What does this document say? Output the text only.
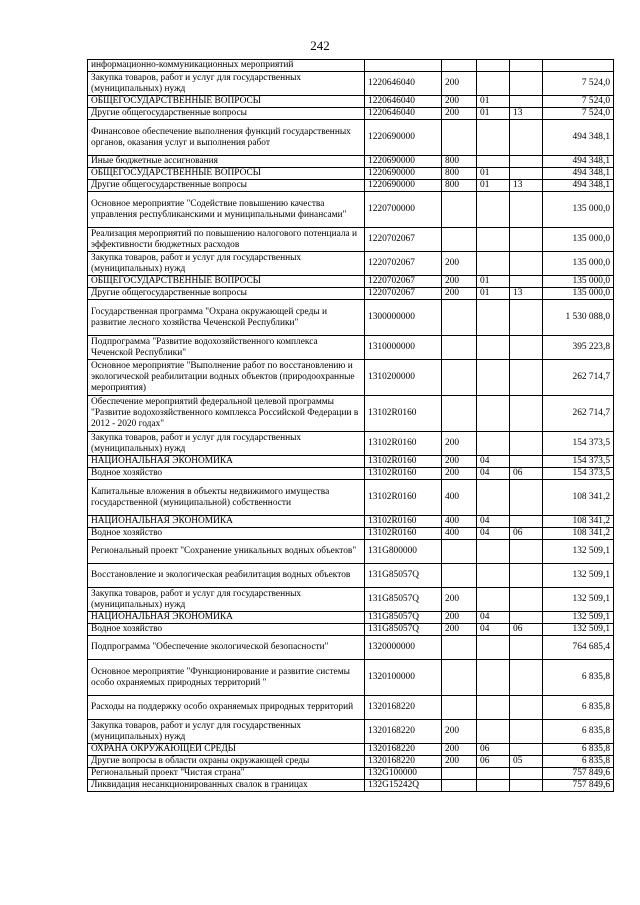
242
информационно-коммуникационных мероприятий					
Закупка товаров, работ и услуг для государственных (муниципальных) нужд	1220646040	200			7 524,0
ОБЩЕГОСУДАРСТВЕННЫЕ ВОПРОСЫ	1220646040	200	01		7 524,0
Другие общегосударственные вопросы	1220646040	200	01	13	7 524,0
Финансовое обеспечение выполнения функций государственных органов, оказания услуг и выполнения работ	1220690000				494 348,1
Иные бюджетные ассигнования	1220690000	800			494 348,1
ОБЩЕГОСУДАРСТВЕННЫЕ ВОПРОСЫ	1220690000	800	01		494 348,1
Другие общегосударственные вопросы	1220690000	800	01	13	494 348,1
Основное мероприятие "Содействие повышению качества управления республиканскими и муниципальными финансами"	1220700000				135 000,0
Реализация мероприятий по повышению налогового потенциала и эффективности бюджетных расходов	1220702067				135 000,0
Закупка товаров, работ и услуг для государственных (муниципальных) нужд	1220702067	200			135 000,0
ОБЩЕГОСУДАРСТВЕННЫЕ ВОПРОСЫ	1220702067	200	01		135 000,0
Другие общегосударственные вопросы	1220702067	200	01	13	135 000,0
Государственная программа "Охрана окружающей среды и развитие лесного хозяйства Чеченской Республики"	1300000000				1 530 088,0
Подпрограмма "Развитие водохозяйственного комплекса Чеченской Республики"	1310000000				395 223,8
Основное мероприятие "Выполнение работ по восстановлению и экологической реабилитации водных объектов (природоохранные мероприятия)	1310200000				262 714,7
Обеспечение мероприятий федеральной целевой программы "Развитие водохозяйственного комплекса Российской Федерации в 2012 - 2020 годах"	13102R0160				262 714,7
Закупка товаров, работ и услуг для государственных (муниципальных) нужд	13102R0160	200			154 373,5
НАЦИОНАЛЬНАЯ ЭКОНОМИКА	13102R0160	200	04		154 373,5
Водное хозяйство	13102R0160	200	04	06	154 373,5
Капитальные вложения в объекты недвижимого имущества государственной (муниципальной) собственности	13102R0160	400			108 341,2
НАЦИОНАЛЬНАЯ ЭКОНОМИКА	13102R0160	400	04		108 341,2
Водное хозяйство	13102R0160	400	04	06	108 341,2
Региональный проект "Сохранение уникальных водных объектов"	131G800000				132 509,1
Восстановление и экологическая реабилитация водных объектов	131G85057Q				132 509,1
Закупка товаров, работ и услуг для государственных (муниципальных) нужд	131G85057Q	200			132 509,1
НАЦИОНАЛЬНАЯ ЭКОНОМИКА	131G85057Q	200	04		132 509,1
Водное хозяйство	131G85057Q	200	04	06	132 509,1
Подпрограмма "Обеспечение экологической безопасности"	1320000000				764 685,4
Основное мероприятие "Функционирование и развитие системы особо охраняемых природных территорий "	1320100000				6 835,8
Расходы на поддержку особо охраняемых природных территорий	1320168220				6 835,8
Закупка товаров, работ и услуг для государственных (муниципальных) нужд	1320168220	200			6 835,8
ОХРАНА ОКРУЖАЮЩЕЙ СРЕДЫ	1320168220	200	06		6 835,8
Другие вопросы в области охраны окружающей среды	1320168220	200	06	05	6 835,8
Региональный проект "Чистая страна"	132G100000				757 849,6
Ликвидация несанкционированных свалок в границах	132G15242Q				757 849,6
